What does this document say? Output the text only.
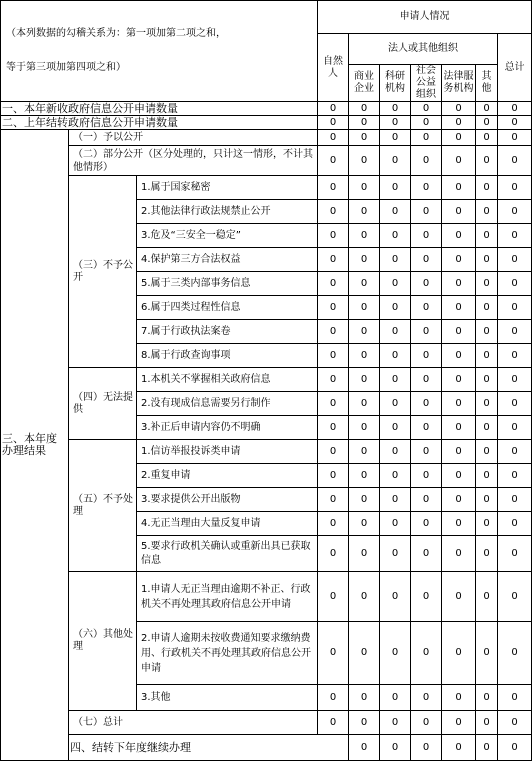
（本列数据的勾稽关系为：第一项加第二项之和，
等于第三项加第四项之和）			申请人情况							
			自然人	法人或其他组织					总计	
				商业企业	科研机构	社会公益组织	法律服务机构	其他		
一、本年新收政府信息公开申请数量			0	0	0	0	0	0	0	
二、上年结转政府信息公开申请数量			0	0	0	0	0	0	0	
三、本年度办理结果	（一）予以公开		0	0	0	0	0	0	0	
	（二）部分公开（区分处理的，只计这一情形，不计其他情形）		0	0	0	0	0	0	0	
	（三）不予公开	1.属于国家秘密	0	0	0	0	0	0	0	
		2.其他法律行政法规禁止公开	0	0	0	0	0	0	0	
		3.危及“三安全一稳定”	0	0	0	0	0	0	0	
		4.保护第三方合法权益	0	0	0	0	0	0	0	
		5.属于三类内部事务信息	0	0	0	0	0	0	0	
		6.属于四类过程性信息	0	0	0	0	0	0	0	
		7.属于行政执法案卷	0	0	0	0	0	0	0	
		8.属于行政查询事项	0	0	0	0	0	0	0	
	（四）无法提供	1.本机关不掌握相关政府信息	0	0	0	0	0	0	0	
		2.没有现成信息需要另行制作	0	0	0	0	0	0	0	
		3.补正后申请内容仍不明确	0	0	0	0	0	0	0	
	（五）不予处理	1.信访举报投诉类申请	0	0	0	0	0	0	0	
		2.重复申请	0	0	0	0	0	0	0	
		3.要求提供公开出版物	0	0	0	0	0	0	0	
		4.无正当理由大量反复申请	0	0	0	0	0	0	0	
		5.要求行政机关确认或重新出具已获取信息	0	0	0	0	0	0	0	
	（六）其他处理	1.申请人无正当理由逾期不补正、行政机关不再处理其政府信息公开申请	0	0	0	0	0	0	0	
		2.申请人逾期未按收费通知要求缴纳费用、行政机关不再处理其政府信息公开申请	0	0	0	0	0	0	0	
		3.其他	0	0	0	0	0	0	0	
	（七）总计		0	0	0	0	0	0	0	
	四、结转下年度继续办理			0	0	0	0	0	0	
